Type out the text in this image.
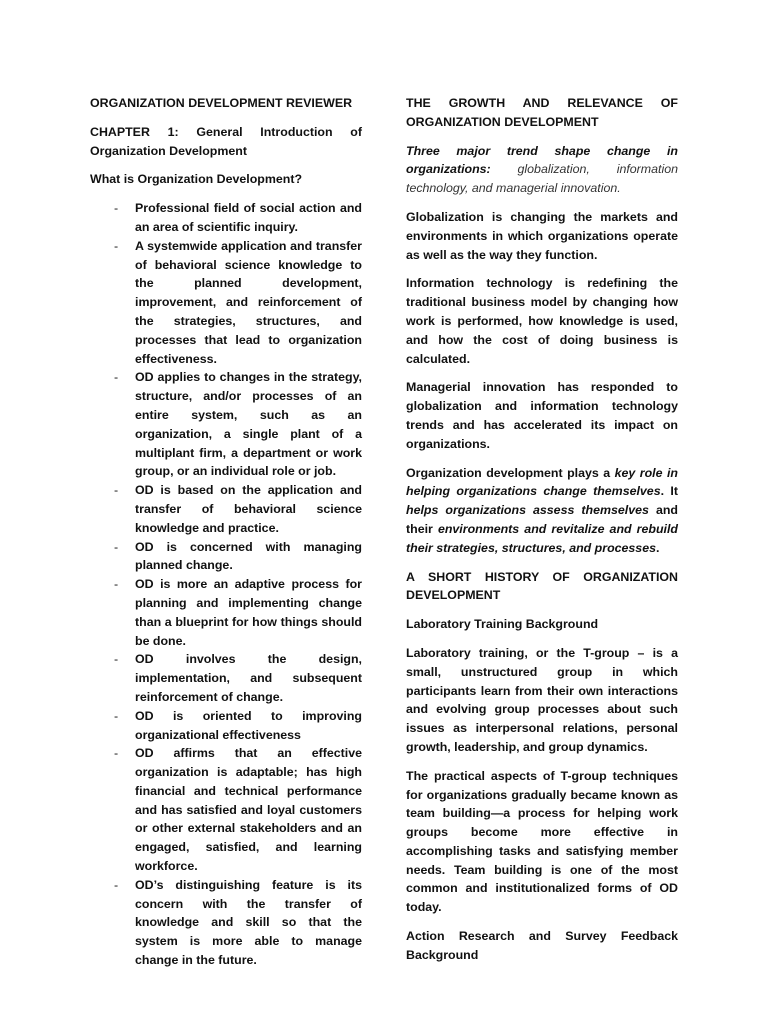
ORGANIZATION DEVELOPMENT REVIEWER

CHAPTER 1: General Introduction of Organization Development

What is Organization Development?

- Professional field of social action and an area of scientific inquiry.
- A systemwide application and transfer of behavioral science knowledge to the planned development, improvement, and reinforcement of the strategies, structures, and processes that lead to organization effectiveness.
- OD applies to changes in the strategy, structure, and/or processes of an entire system, such as an organization, a single plant of a multiplant firm, a department or work group, or an individual role or job.
- OD is based on the application and transfer of behavioral science knowledge and practice.
- OD is concerned with managing planned change.
- OD is more an adaptive process for planning and implementing change than a blueprint for how things should be done.
- OD involves the design, implementation, and subsequent reinforcement of change.
- OD is oriented to improving organizational effectiveness
- OD affirms that an effective organization is adaptable; has high financial and technical performance and has satisfied and loyal customers or other external stakeholders and an engaged, satisfied, and learning workforce.
- OD’s distinguishing feature is its concern with the transfer of knowledge and skill so that the system is more able to manage change in the future.

THE GROWTH AND RELEVANCE OF ORGANIZATION DEVELOPMENT

Three major trend shape change in organizations: globalization, information technology, and managerial innovation.

Globalization is changing the markets and environments in which organizations operate as well as the way they function.

Information technology is redefining the traditional business model by changing how work is performed, how knowledge is used, and how the cost of doing business is calculated.

Managerial innovation has responded to globalization and information technology trends and has accelerated its impact on organizations.

Organization development plays a key role in helping organizations change themselves. It helps organizations assess themselves and their environments and revitalize and rebuild their strategies, structures, and processes.

A SHORT HISTORY OF ORGANIZATION DEVELOPMENT

Laboratory Training Background

Laboratory training, or the T-group – is a small, unstructured group in which participants learn from their own interactions and evolving group processes about such issues as interpersonal relations, personal growth, leadership, and group dynamics.

The practical aspects of T-group techniques for organizations gradually became known as team building—a process for helping work groups become more effective in accomplishing tasks and satisfying member needs. Team building is one of the most common and institutionalized forms of OD today.

Action Research and Survey Feedback Background
